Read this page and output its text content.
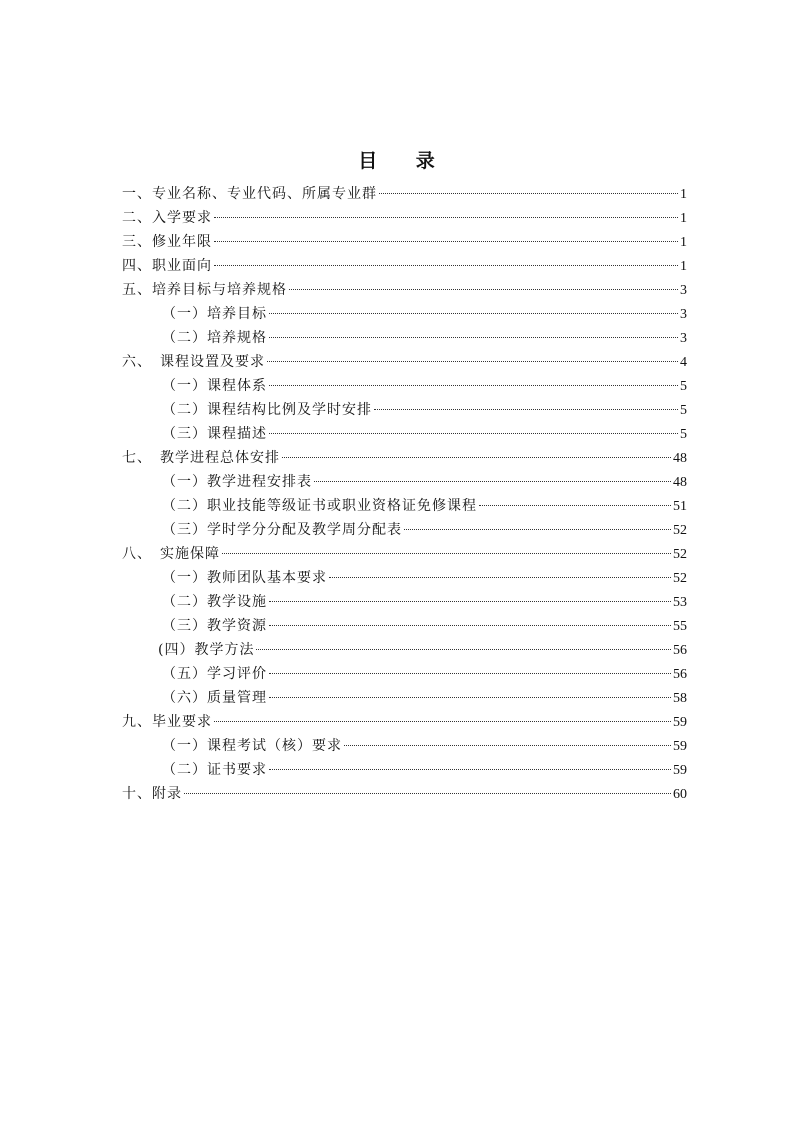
目 录
一、专业名称、专业代码、所属专业群	1
二、入学要求	1
三、修业年限	1
四、职业面向	1
五、培养目标与培养规格	3
（一）培养目标	3
（二）培养规格	3
六、　课程设置及要求	4
（一）课程体系	5
（二）课程结构比例及学时安排	5
（三）课程描述	5
七、　教学进程总体安排	48
（一）教学进程安排表	48
（二）职业技能等级证书或职业资格证免修课程	51
（三）学时学分分配及教学周分配表	52
八、　实施保障	52
（一）教师团队基本要求	52
（二）教学设施	53
（三）教学资源	55
(四）教学方法	56
（五）学习评价	56
（六）质量管理	58
九、毕业要求	59
（一）课程考试（核）要求	59
（二）证书要求	59
十、附录	60
